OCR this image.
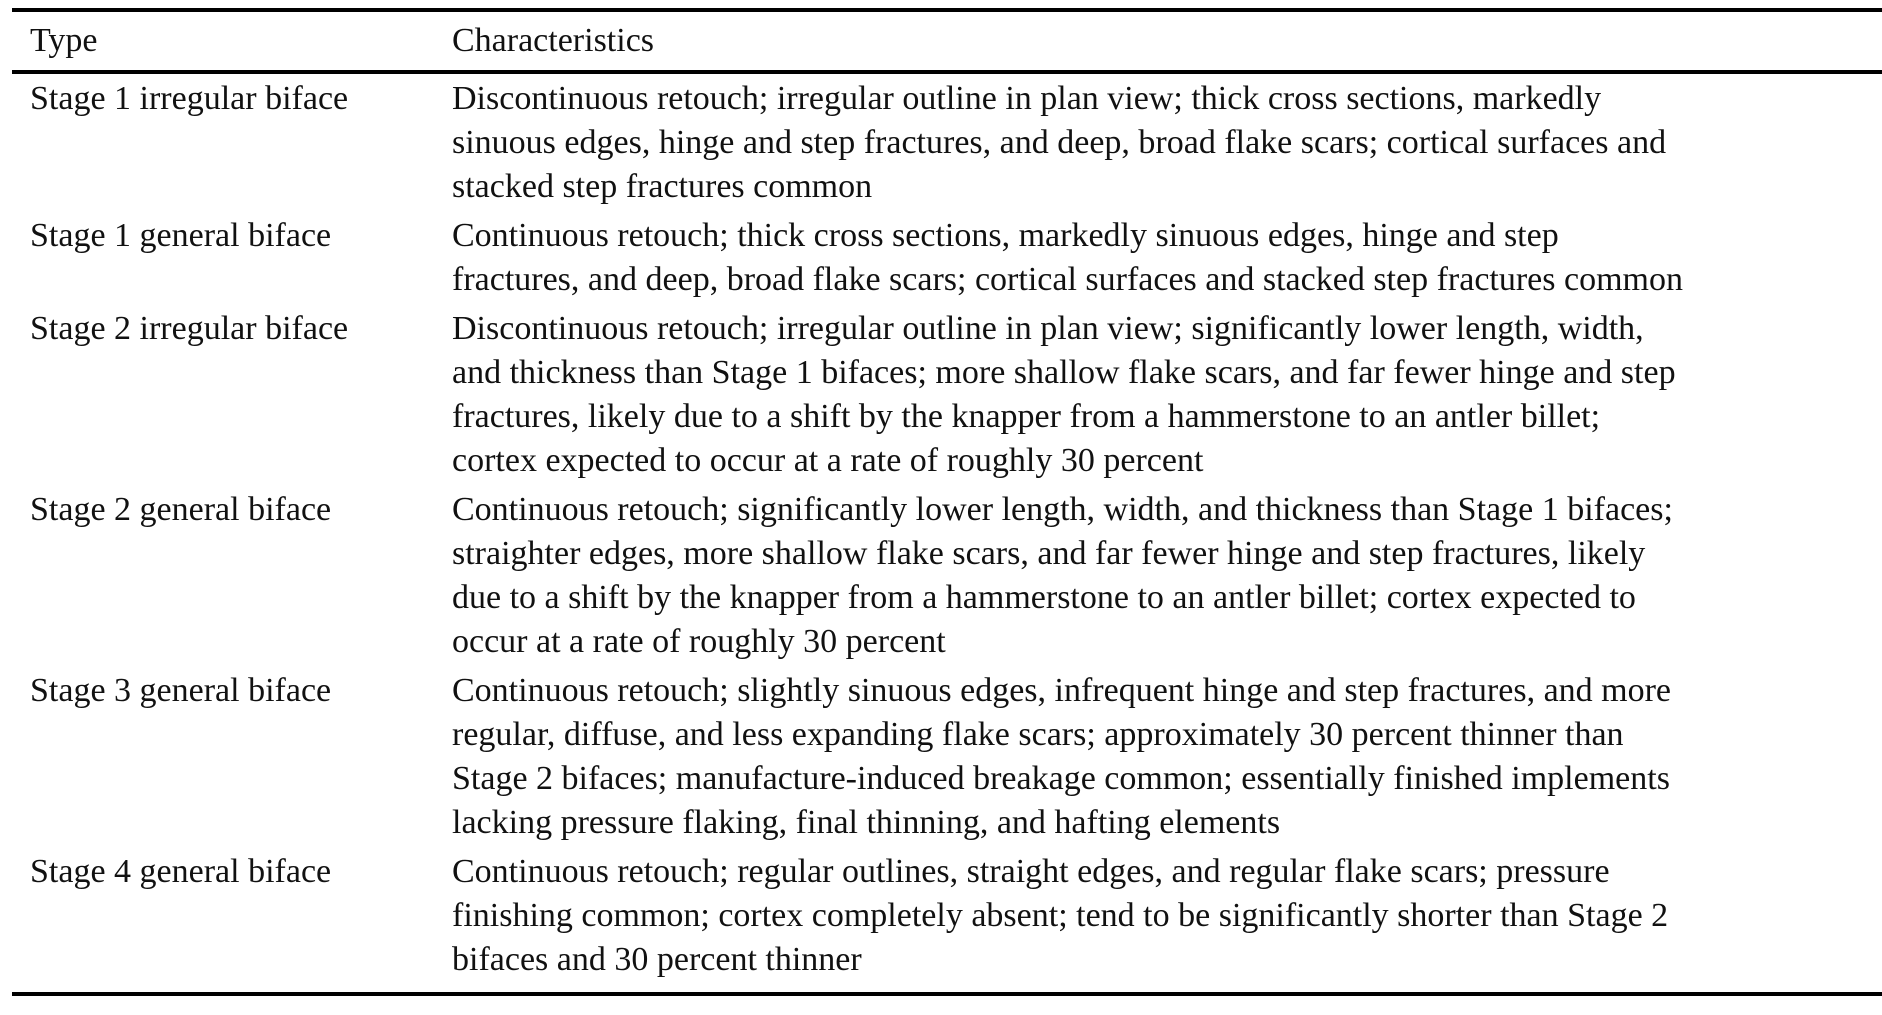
Type	Characteristics
Stage 1 irregular biface	Discontinuous retouch; irregular outline in plan view; thick cross sections, markedly
sinuous edges, hinge and step fractures, and deep, broad flake scars; cortical surfaces and
stacked step fractures common
Stage 1 general biface	Continuous retouch; thick cross sections, markedly sinuous edges, hinge and step
fractures, and deep, broad flake scars; cortical surfaces and stacked step fractures common
Stage 2 irregular biface	Discontinuous retouch; irregular outline in plan view; significantly lower length, width,
and thickness than Stage 1 bifaces; more shallow flake scars, and far fewer hinge and step
fractures, likely due to a shift by the knapper from a hammerstone to an antler billet;
cortex expected to occur at a rate of roughly 30 percent
Stage 2 general biface	Continuous retouch; significantly lower length, width, and thickness than Stage 1 bifaces;
straighter edges, more shallow flake scars, and far fewer hinge and step fractures, likely
due to a shift by the knapper from a hammerstone to an antler billet; cortex expected to
occur at a rate of roughly 30 percent
Stage 3 general biface	Continuous retouch; slightly sinuous edges, infrequent hinge and step fractures, and more
regular, diffuse, and less expanding flake scars; approximately 30 percent thinner than
Stage 2 bifaces; manufacture-induced breakage common; essentially finished implements
lacking pressure flaking, final thinning, and hafting elements
Stage 4 general biface	Continuous retouch; regular outlines, straight edges, and regular flake scars; pressure
finishing common; cortex completely absent; tend to be significantly shorter than Stage 2
bifaces and 30 percent thinner
